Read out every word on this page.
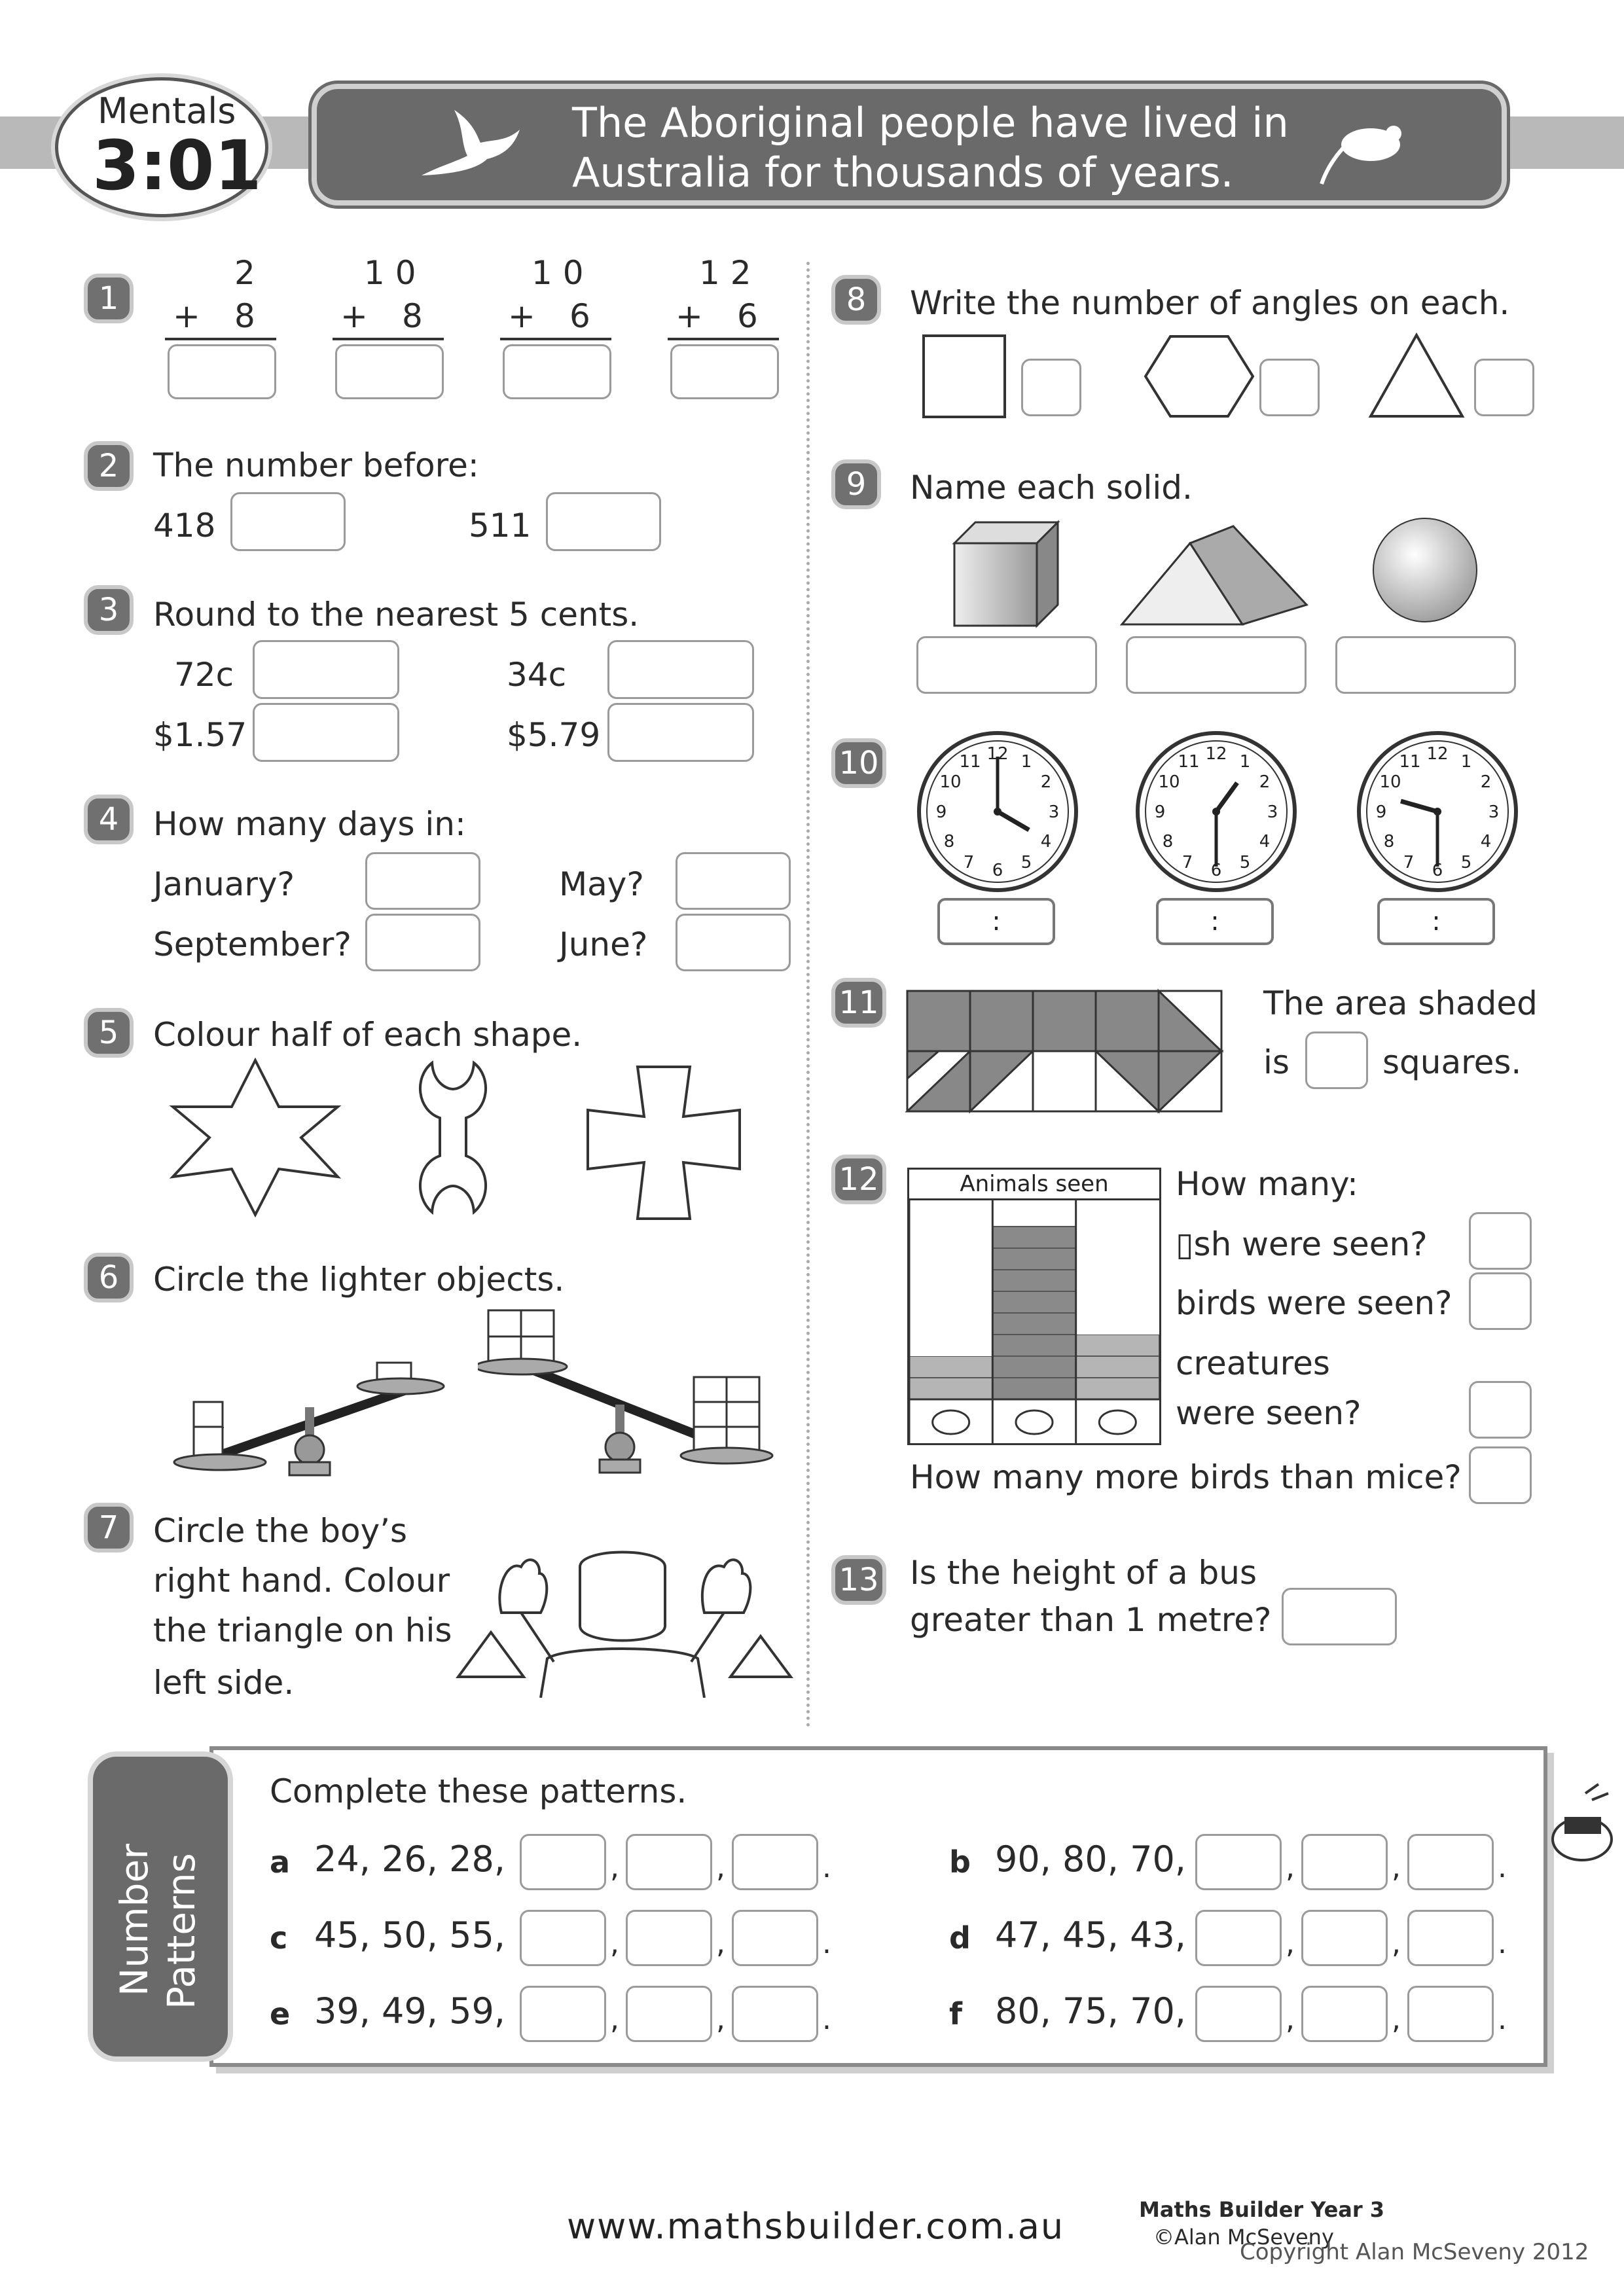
Mentals
3:01
The Aboriginal people have lived in
Australia for thousands of years.
1
2
+ 8
1 0
+ 8
1 0
+ 6
1 2
+ 6
2	The number before:
418	511
3	Round to the nearest 5 cents.
72c	34c
$1.57	$5.79
4	How many days in:
January?	May?
September?	June?
5	Colour half of each shape.
6	Circle the lighter objects.
7	Circle the boy’s
right hand. Colour
the triangle on his
left side.
8	Write the number of angles on each.
9	Name each solid.
10	12 1
2
3
4
5
6
7
8
9
10
11	12 1
2
3
4
5
6
7
8
9
10
11	12 1
2
3
4
5
6
7
8
9
10
11
:	:	:
11	The area shaded
is	squares.
12	Animals seen	How many:
▯sh were seen?
birds were seen?
creatures
were seen?
How many more birds than mice?
13 Is the height of a bus
greater than 1 metre?
Number Patterns
Complete these patterns.
a 24, 26, 28,	,	,	.	b 90, 80, 70,	,	,	.
c 45, 50, 55,	,	,	.	d 47, 45, 43,	,	,	.
e 39, 49, 59,	,	,	.	f 80, 75, 70,	,	,	.
www.mathsbuilder.com.au	Maths Builder Year 3
©Alan McSeveny
Copyright Alan McSeveny 2012
